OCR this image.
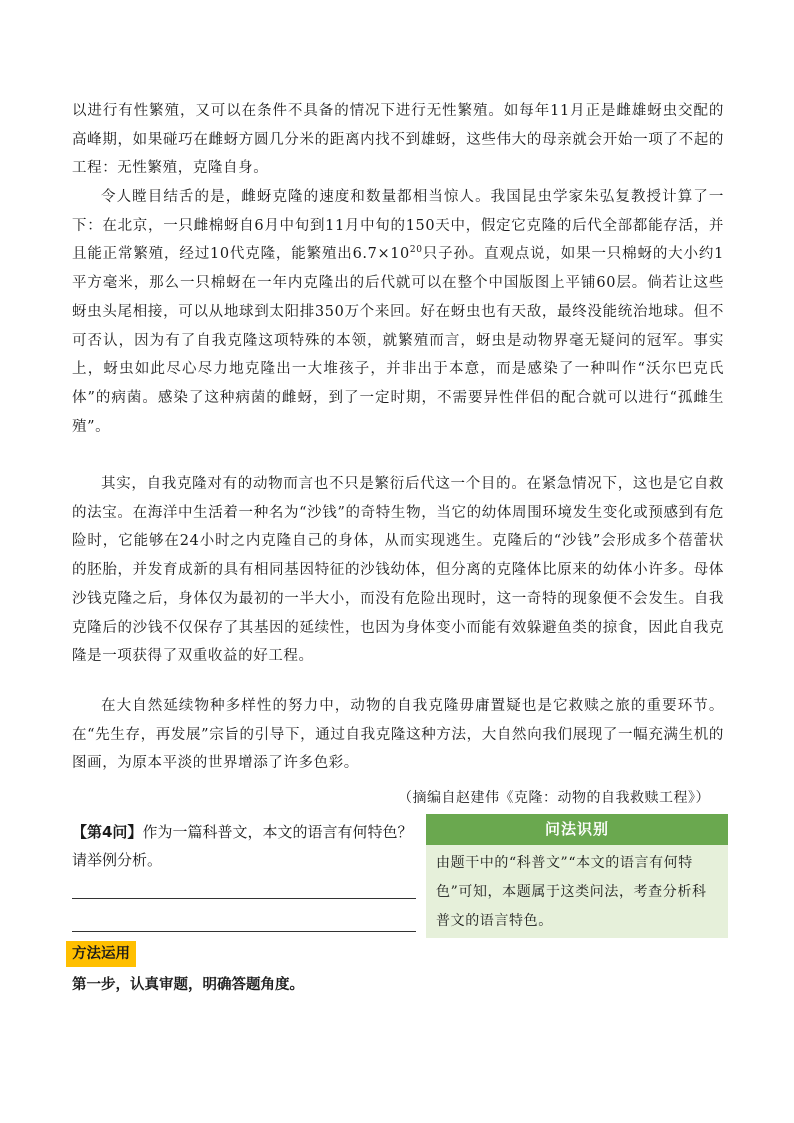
以进行有性繁殖，又可以在条件不具备的情况下进行无性繁殖。如每年11月正是雌雄蚜虫交配的高峰期，如果碰巧在雌蚜方圆几分米的距离内找不到雄蚜，这些伟大的母亲就会开始一项了不起的工程：无性繁殖，克隆自身。

令人瞠目结舌的是，雌蚜克隆的速度和数量都相当惊人。我国昆虫学家朱弘复教授计算了一下：在北京，一只雌棉蚜自6月中旬到11月中旬的150天中，假定它克隆的后代全部都能存活，并且能正常繁殖，经过10代克隆，能繁殖出$6.7\times 10^{20}$只子孙。直观点说，如果一只棉蚜的大小约1平方毫米，那么一只棉蚜在一年内克隆出的后代就可以在整个中国版图上平铺60层。倘若让这些蚜虫头尾相接，可以从地球到太阳排350万个来回。好在蚜虫也有天敌，最终没能统治地球。但不可否认，因为有了自我克隆这项特殊的本领，就繁殖而言，蚜虫是动物界毫无疑问的冠军。事实上，蚜虫如此尽心尽力地克隆出一大堆孩子，并非出于本意，而是感染了一种叫作“沃尔巴克氏体”的病菌。感染了这种病菌的雌蚜，到了一定时期，不需要异性伴侣的配合就可以进行“孤雌生殖”。

其实，自我克隆对有的动物而言也不只是繁衍后代这一个目的。在紧急情况下，这也是它自救的法宝。在海洋中生活着一种名为“沙钱”的奇特生物，当它的幼体周围环境发生变化或预感到有危险时，它能够在24小时之内克隆自己的身体，从而实现逃生。克隆后的“沙钱”会形成多个蓓蕾状的胚胎，并发育成新的具有相同基因特征的沙钱幼体，但分离的克隆体比原来的幼体小许多。母体沙钱克隆之后，身体仅为最初的一半大小，而没有危险出现时，这一奇特的现象便不会发生。自我克隆后的沙钱不仅保存了其基因的延续性，也因为身体变小而能有效躲避鱼类的掠食，因此自我克隆是一项获得了双重收益的好工程。

在大自然延续物种多样性的努力中，动物的自我克隆毋庸置疑也是它救赎之旅的重要环节。在“先生存，再发展”宗旨的引导下，通过自我克隆这种方法，大自然向我们展现了一幅充满生机的图画，为原本平淡的世界增添了许多色彩。

（摘编自赵建伟《克隆：动物的自我救赎工程》）

【第4问】作为一篇科普文，本文的语言有何特色？请举例分析。
问法识别
由题干中的“科普文”“本文的语言有何特色”可知，本题属于这类问法，考查分析科普文的语言特色。
方法运用

第一步，认真审题，明确答题角度。
